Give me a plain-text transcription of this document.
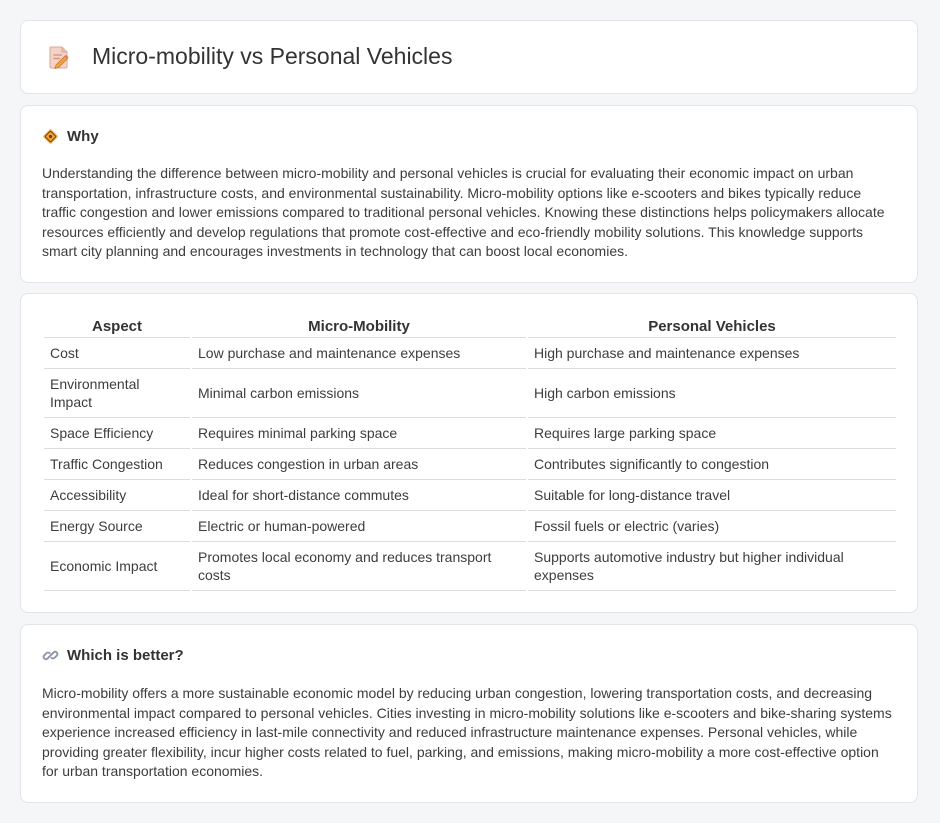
Micro-mobility vs Personal Vehicles
Why

Understanding the difference between micro-mobility and personal vehicles is crucial for evaluating their economic impact on urban transportation, infrastructure costs, and environmental sustainability. Micro-mobility options like e-scooters and bikes typically reduce traffic congestion and lower emissions compared to traditional personal vehicles. Knowing these distinctions helps policymakers allocate resources efficiently and develop regulations that promote cost-effective and eco-friendly mobility solutions. This knowledge supports smart city planning and encourages investments in technology that can boost local economies.

Aspect	Micro-Mobility	Personal Vehicles
Cost	Low purchase and maintenance expenses	High purchase and maintenance expenses
Environmental Impact	Minimal carbon emissions	High carbon emissions
Space Efficiency	Requires minimal parking space	Requires large parking space
Traffic Congestion	Reduces congestion in urban areas	Contributes significantly to congestion
Accessibility	Ideal for short-distance commutes	Suitable for long-distance travel
Energy Source	Electric or human-powered	Fossil fuels or electric (varies)
Economic Impact	Promotes local economy and reduces transport costs	Supports automotive industry but higher individual expenses
Which is better?

Micro-mobility offers a more sustainable economic model by reducing urban congestion, lowering transportation costs, and decreasing environmental impact compared to personal vehicles. Cities investing in micro-mobility solutions like e-scooters and bike-sharing systems experience increased efficiency in last-mile connectivity and reduced infrastructure maintenance expenses. Personal vehicles, while providing greater flexibility, incur higher costs related to fuel, parking, and emissions, making micro-mobility a more cost-effective option for urban transportation economies.
